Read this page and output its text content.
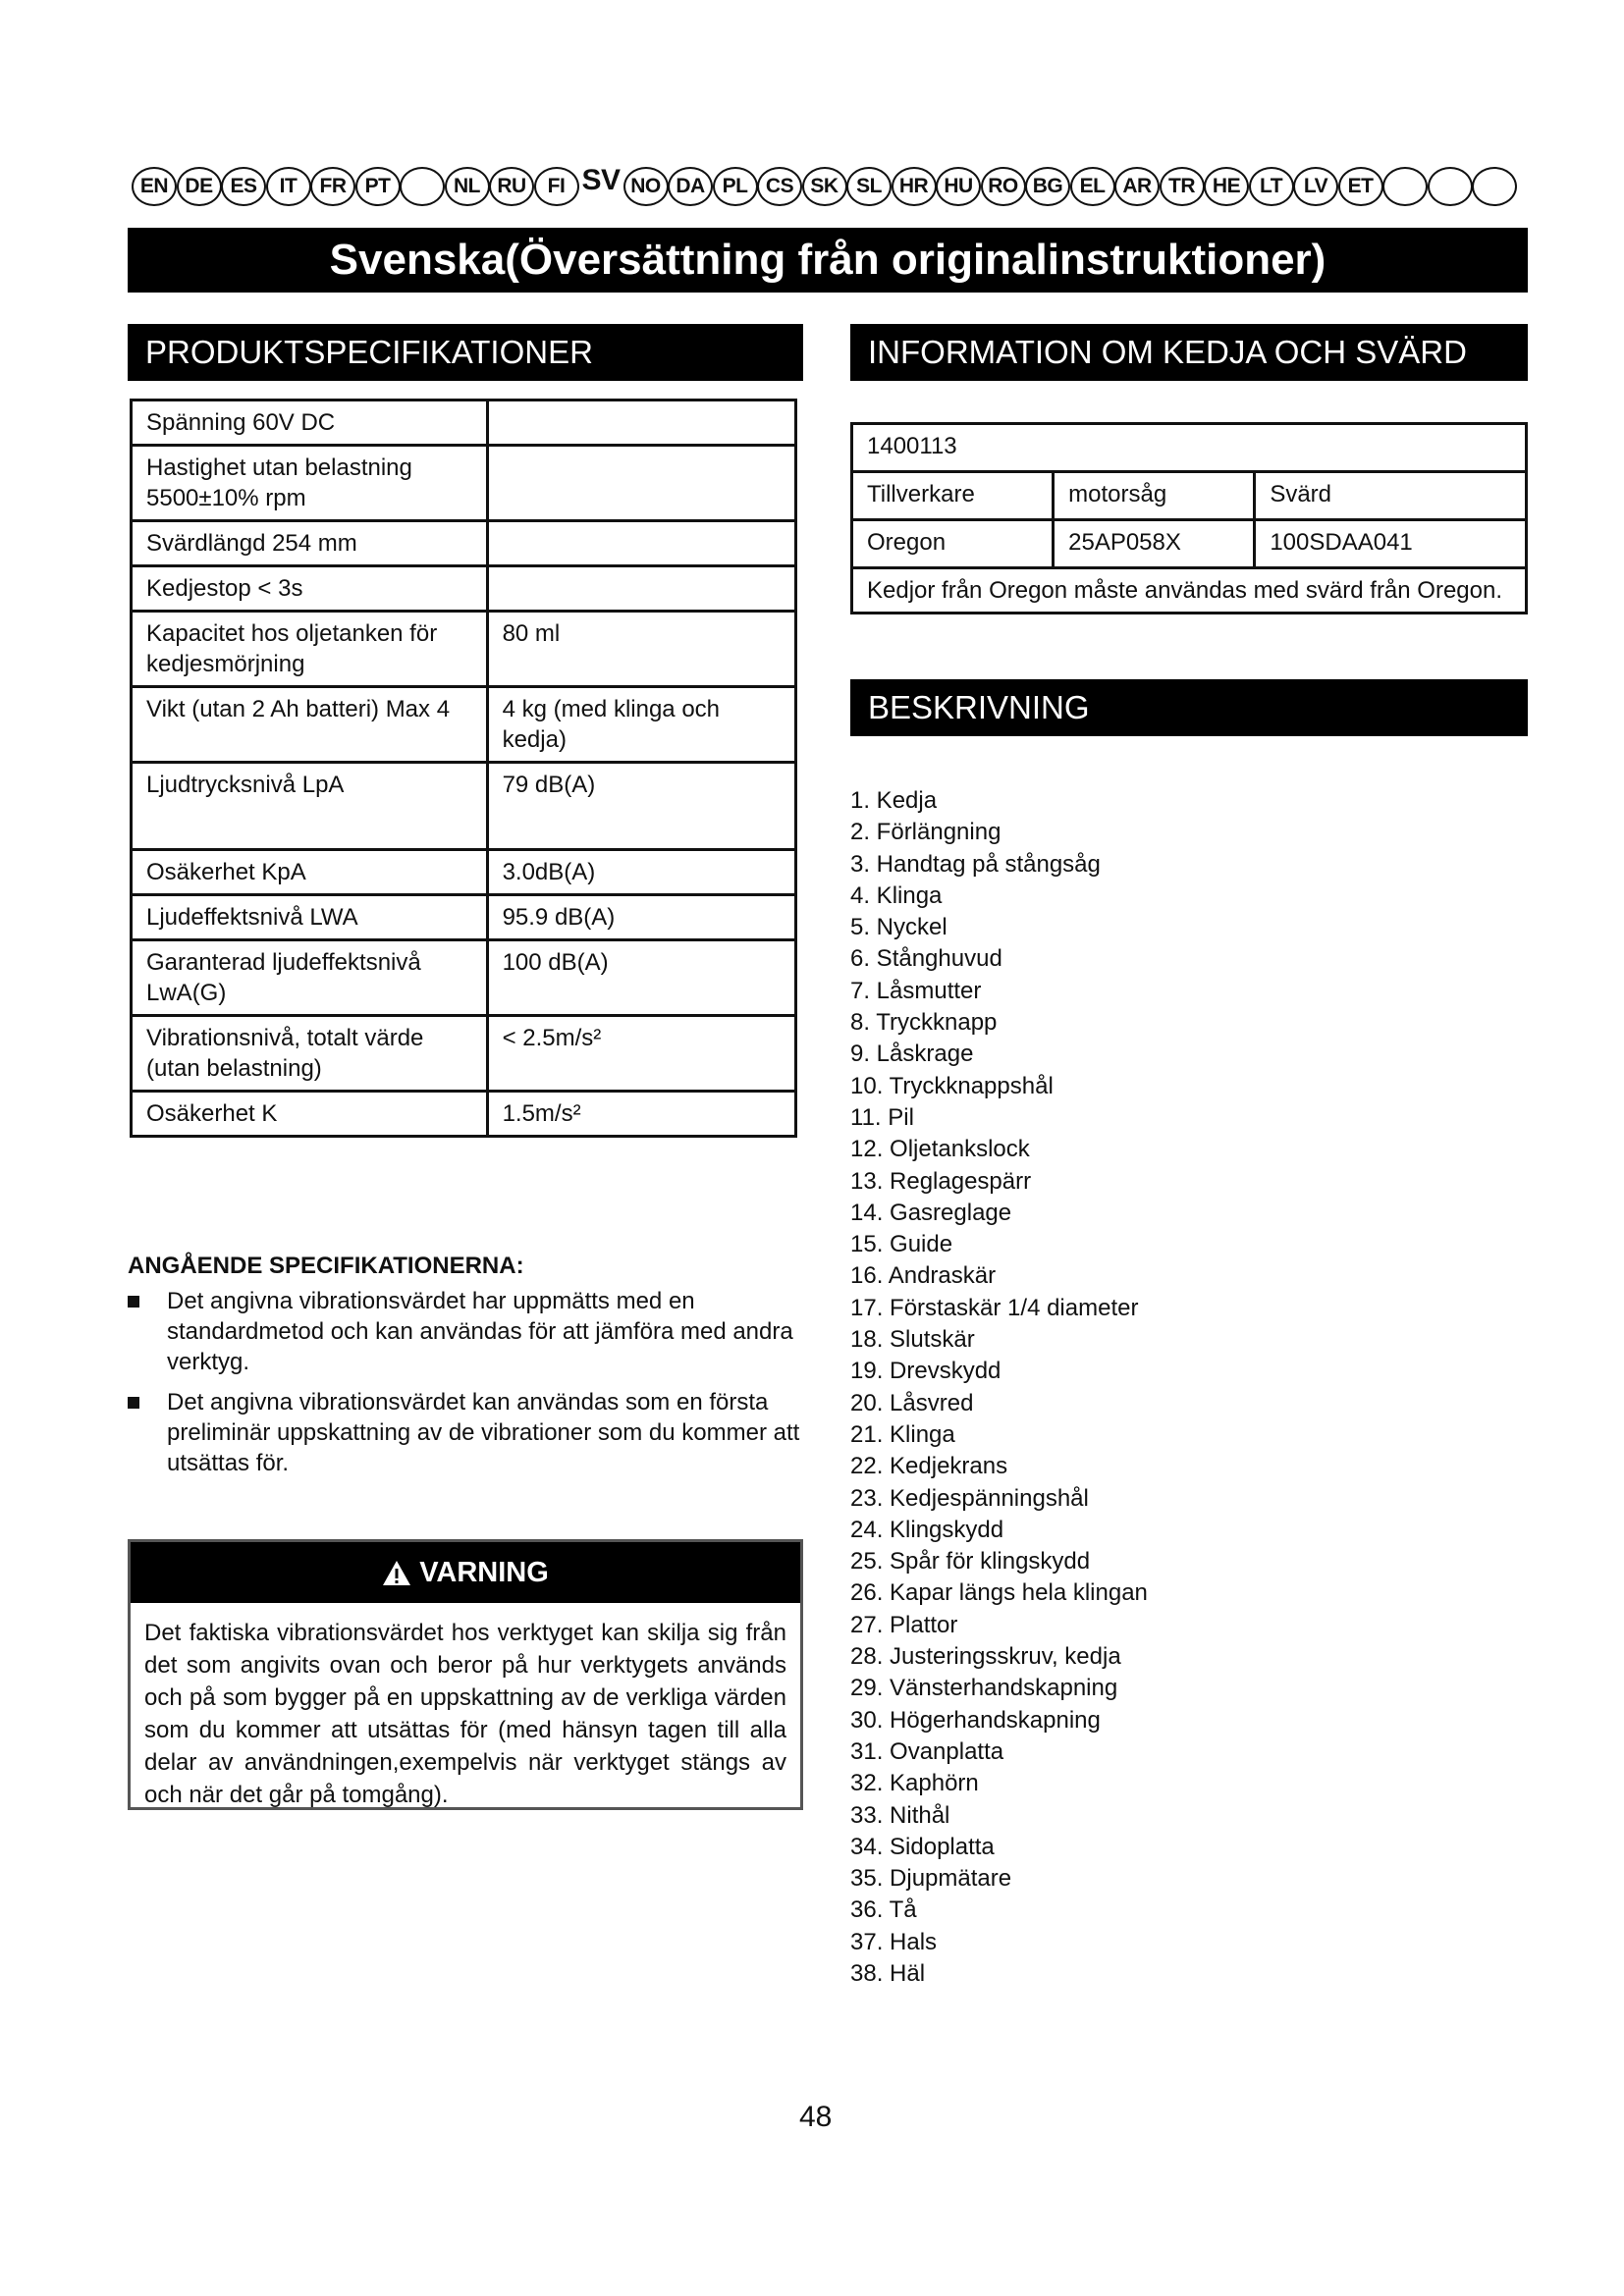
EN DE ES	IT	FR PT	NL RU	FI SV NO DA PL CS SK SL HR HU RO BG EL AR TR HE LT	LV ET
Svenska(Översättning från originalinstruktioner)
PRODUKTSPECIFIKATIONER
Spänning 60V DC	
Hastighet utan belastning 5500±10% rpm	
Svärdlängd 254 mm	
Kedjestop < 3s	
Kapacitet hos oljetanken för kedjesmörjning	80 ml
Vikt (utan 2 Ah batteri) Max 4	4 kg (med klinga och kedja)
Ljudtrycksnivå LpA	79 dB(A)
Osäkerhet KpA	3.0dB(A)
Ljudeffektsnivå LWA	95.9 dB(A)
Garanterad ljudeffektsnivå LwA(G)	100 dB(A)
Vibrationsnivå, totalt värde (utan belastning)	< 2.5m/s²
Osäkerhet K	1.5m/s²
ANGÅENDE SPECIFIKATIONERNA:
Det angivna vibrationsvärdet har uppmätts med en standardmetod och kan användas för att jämföra med andra verktyg.
Det angivna vibrationsvärdet kan användas som en första preliminär uppskattning av de vibrationer som du kommer att utsättas för.
VARNING
Det faktiska vibrationsvärdet hos verktyget kan skilja sig från det som angivits ovan och beror på hur verktygets används och på som bygger på en uppskattning av de verkliga värden som du kommer att utsättas för (med hänsyn tagen till alla delar av användningen,exempelvis när verktyget stängs av och när det går på tomgång).
INFORMATION OM KEDJA OCH SVÄRD
1400113		
Tillverkare	motorsåg	Svärd
Oregon	25AP058X	100SDAA041
Kedjor från Oregon måste användas med svärd från Oregon.		
BESKRIVNING
1. Kedja
2. Förlängning
3. Handtag på stångsåg
4. Klinga
5. Nyckel
6. Stånghuvud
7. Låsmutter
8. Tryckknapp
9. Låskrage
10. Tryckknappshål
11. Pil
12. Oljetankslock
13. Reglagespärr
14. Gasreglage
15. Guide
16. Andraskär
17. Förstaskär 1/4 diameter
18. Slutskär
19. Drevskydd
20. Låsvred
21. Klinga
22. Kedjekrans
23. Kedjespänningshål
24. Klingskydd
25. Spår för klingskydd
26. Kapar längs hela klingan
27. Plattor
28. Justeringsskruv, kedja
29. Vänsterhandskapning
30. Högerhandskapning
31. Ovanplatta
32. Kaphörn
33. Nithål
34. Sidoplatta
35. Djupmätare
36. Tå
37. Hals
38. Häl
48
